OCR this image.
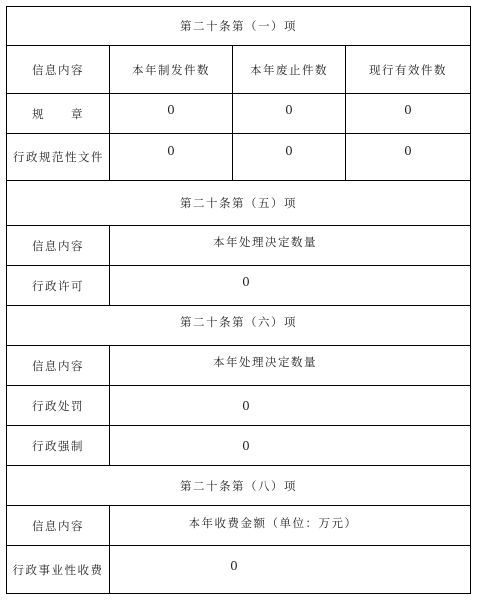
第二十条第（一）项
信息内容	本年制发件数	本年废止件数	现行有效件数
规　　章	0	0	0
行政规范性文件	0	0	0
第二十条第（五）项
信息内容	本年处理决定数量
行政许可	0
第二十条第（六）项
信息内容	本年处理决定数量
行政处罚	0
行政强制	0
第二十条第（八）项
信息内容	本年收费金额（单位：万元）
行政事业性收费	0
